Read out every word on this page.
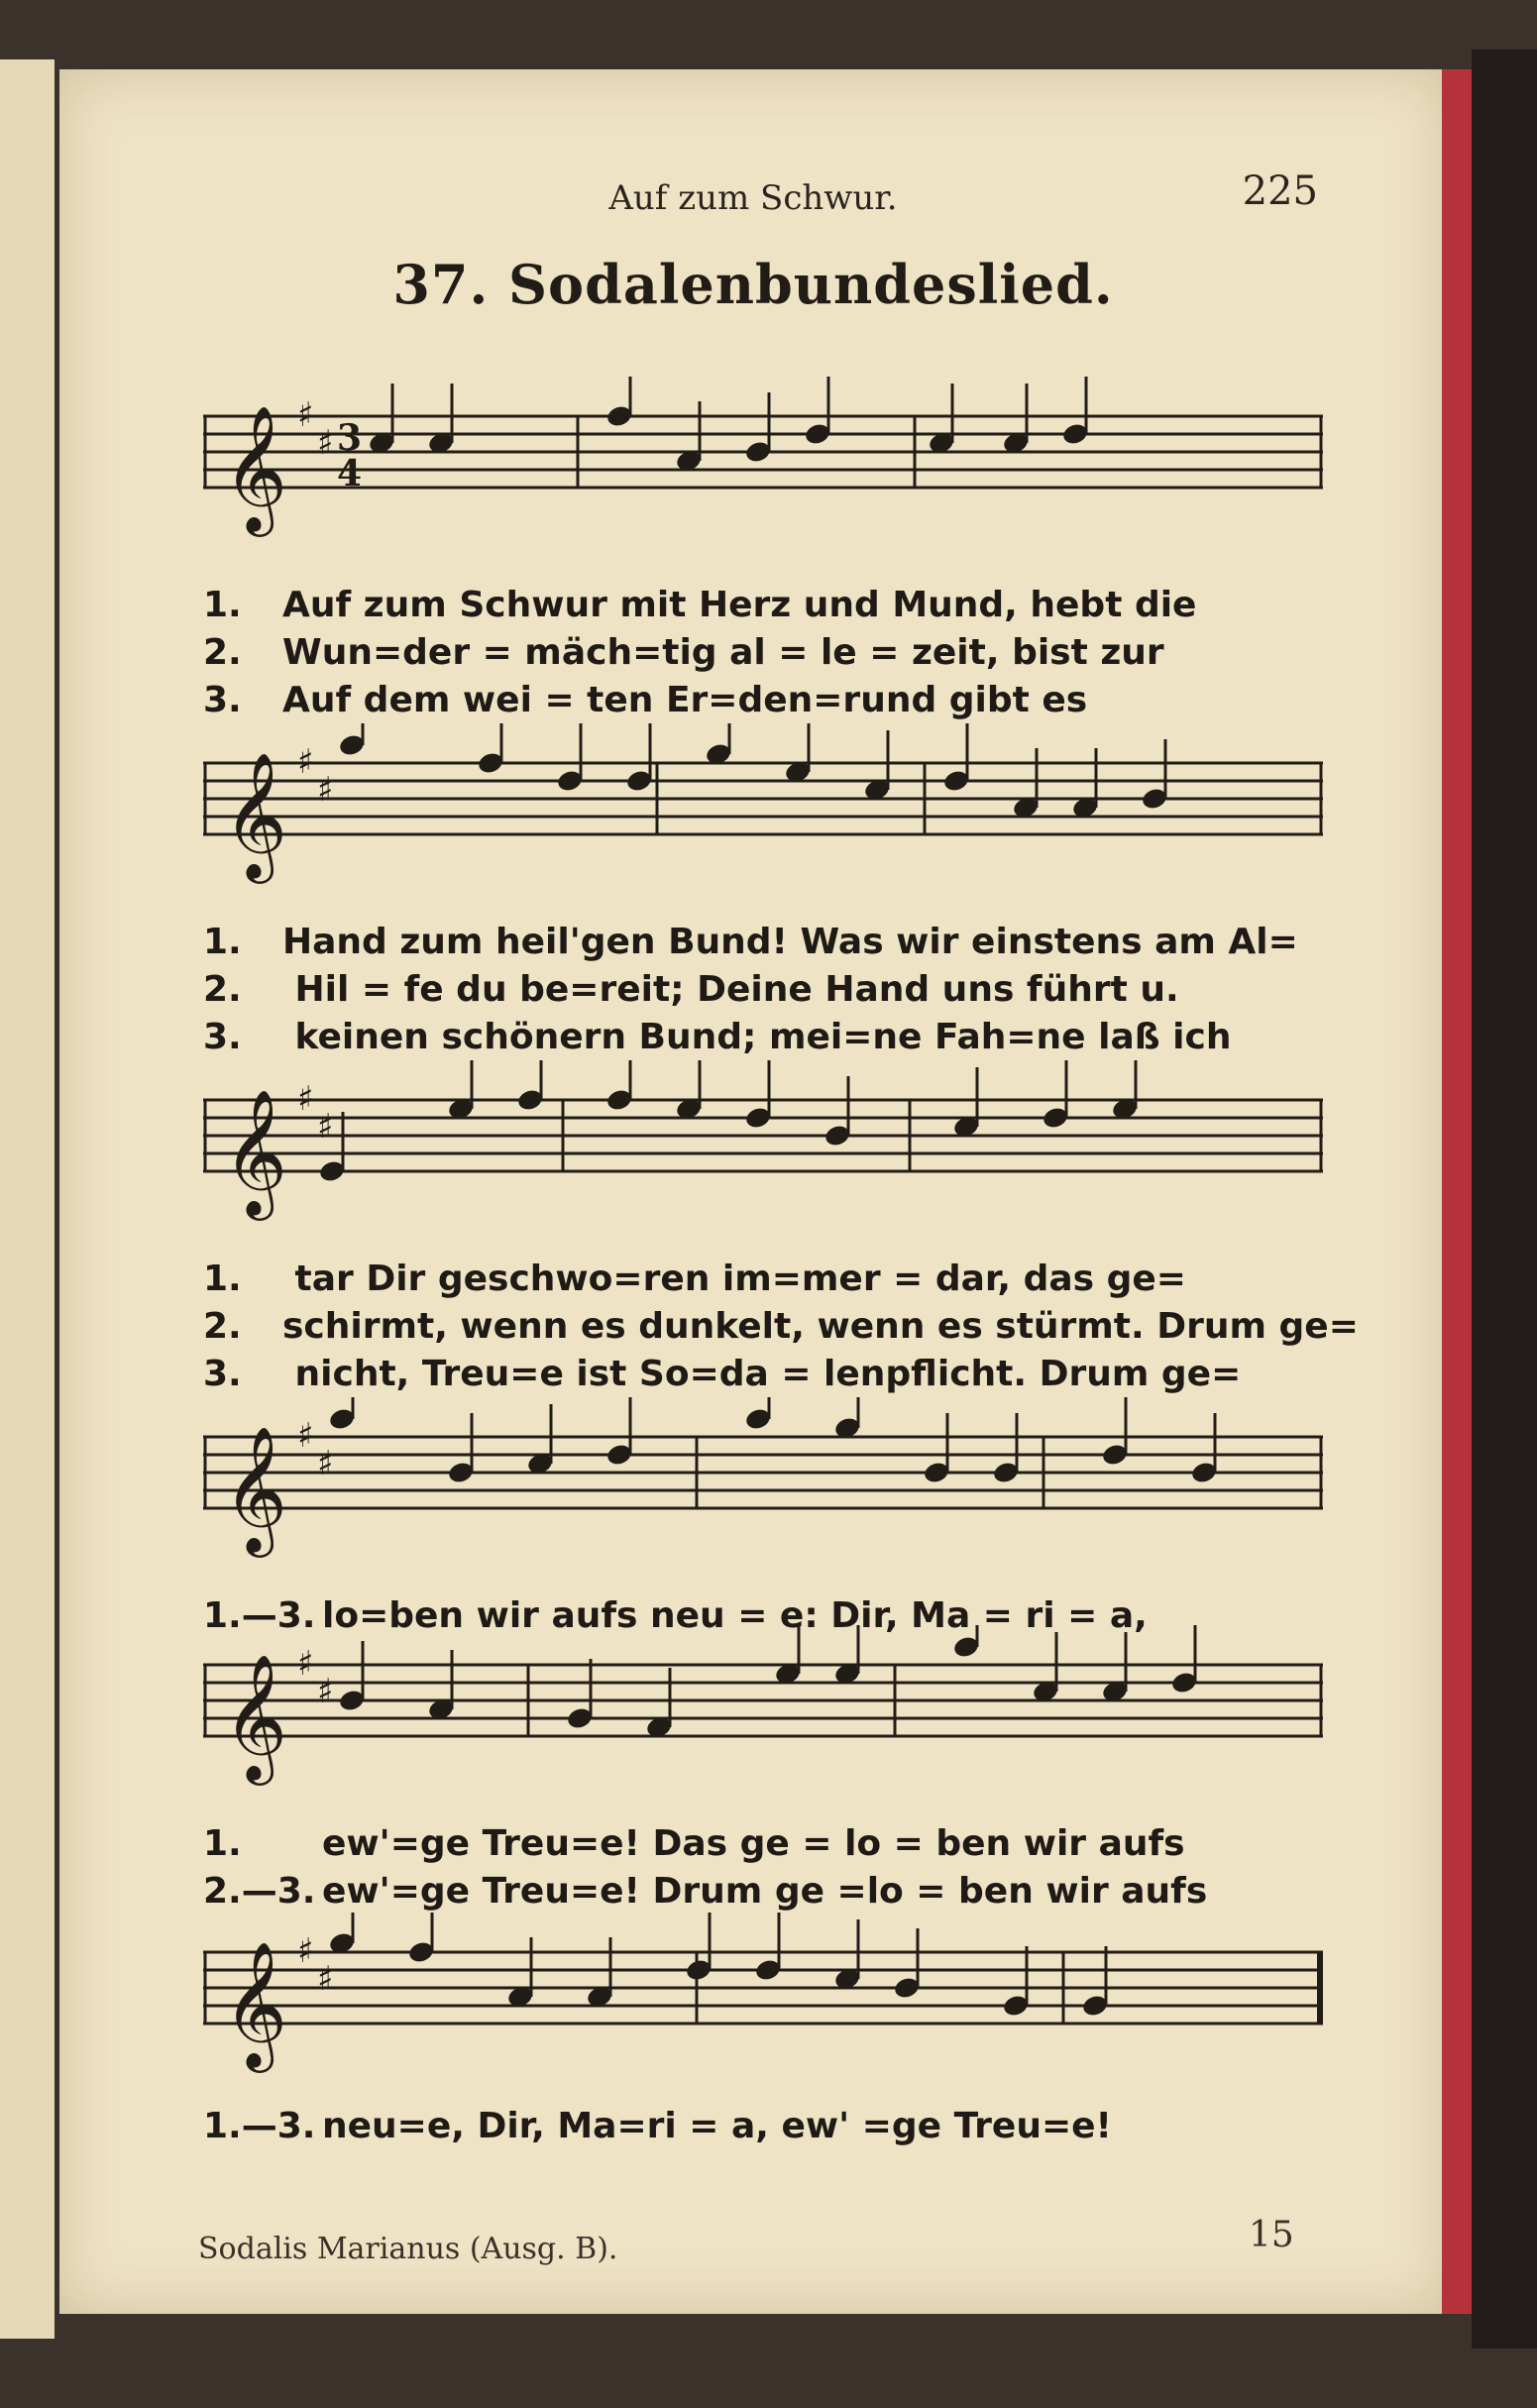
Auf zum Schwur.	225
37. Sodalenbundeslied.
𝄞 ♯
♯ 3
4
1. Auf zum Schwur mit Herz und Mund, hebt die
2. Wun=der = mäch=tig al = le = zeit, bist zur
3. Auf dem wei = ten Er=den=rund gibt es
𝄞 ♯
♯
1. Hand zum heil'gen Bund! Was wir einstens am Al=
2. Hil = fe du be=reit; Deine Hand uns führt u.
3. keinen schönern Bund; mei=ne Fah=ne laß ich
𝄞 ♯
♯
1. tar Dir geschwo=ren im=mer = dar, das ge=
2. schirmt, wenn es dunkelt, wenn es stürmt. Drum ge=
3. nicht, Treu=e ist So=da = lenpflicht. Drum ge=
𝄞 ♯
♯
1.—3. lo=ben wir aufs neu = e: Dir, Ma = ri = a,
𝄞 ♯
♯
1. ew'=ge Treu=e! Das ge = lo = ben wir aufs
2.—3. ew'=ge Treu=e! Drum ge =lo = ben wir aufs
𝄞 ♯
♯
1.—3. neu=e, Dir, Ma=ri = a, ew' =ge Treu=e!
Sodalis Marianus (Ausg. B).	15
